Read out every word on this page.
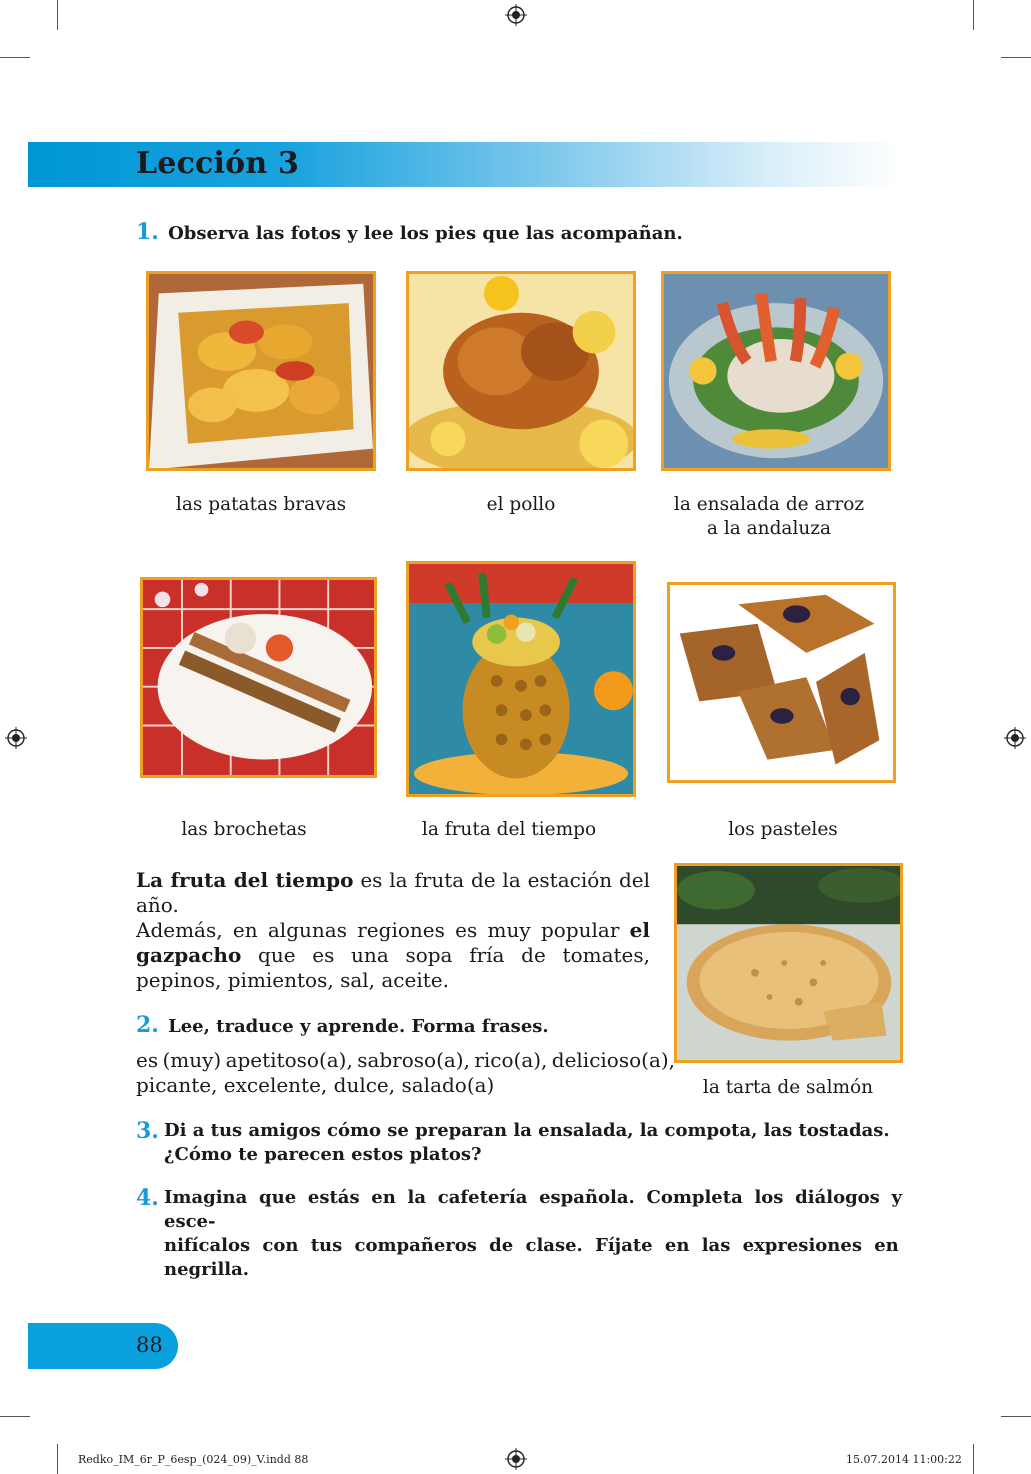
Lección 3
1. Observa las fotos y lee los pies que las acompañan.
las patatas bravas	el pollo	la ensalada de arroz
a la andaluza
las brochetas	la fruta del tiempo	los pasteles
La fruta del tiempo es la fruta de la estación del año.
Además, en algunas regiones es muy popular el gazpacho que es una sopa fría de tomates, pepinos, pimientos, sal, aceite.
la tarta de salmón
2. Lee, traduce y aprende. Forma frases.
es (muy) apetitoso(a), sabroso(a), rico(a), delicioso(a),
picante, excelente, dulce, salado(a)
3. Di a tus amigos cómo se preparan la ensalada, la compota, las tostadas.
¿Cómo te parecen estos platos?
4. Imagina que estás en la cafetería española. Completa los diálogos y esce-
nifícalos con tus compañeros de clase. Fíjate en las expresiones en
negrilla.
88
Redko_IM_6r_P_6esp_(024_09)_V.indd 88	15.07.2014 11:00:22
